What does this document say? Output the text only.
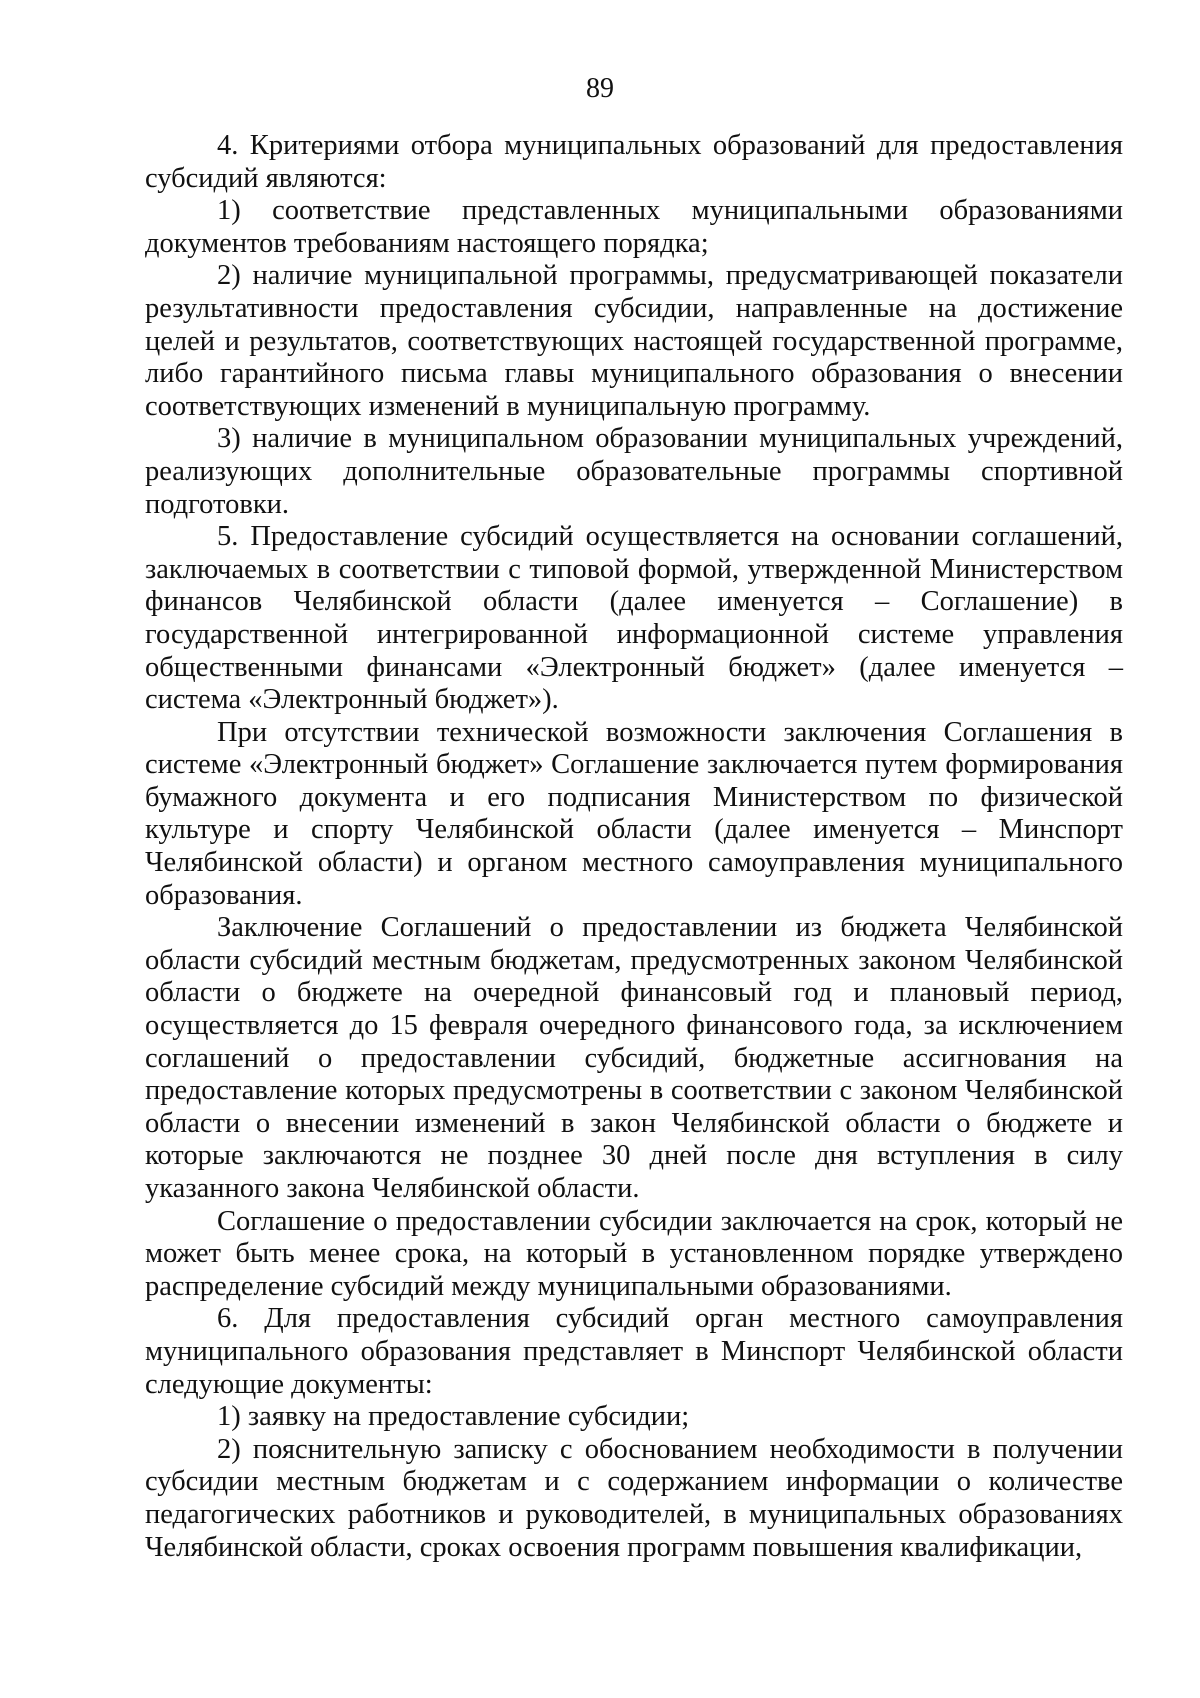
89

4. Критериями отбора муниципальных образований для предоставления субсидий являются:

1) соответствие представленных муниципальными образованиями документов требованиям настоящего порядка;

2) наличие муниципальной программы, предусматривающей показатели результативности предоставления субсидии, направленные на достижение целей и результатов, соответствующих настоящей государственной программе, либо гарантийного письма главы муниципального образования о внесении соответствующих изменений в муниципальную программу.

3) наличие в муниципальном образовании муниципальных учреждений, реализующих дополнительные образовательные программы спортивной подготовки.

5. Предоставление субсидий осуществляется на основании соглашений, заключаемых в соответствии с типовой формой, утвержденной Министерством финансов Челябинской области (далее именуется – Соглашение) в государственной интегрированной информационной системе управления общественными финансами «Электронный бюджет» (далее именуется – система «Электронный бюджет»).

При отсутствии технической возможности заключения Соглашения в системе «Электронный бюджет» Соглашение заключается путем формирования бумажного документа и его подписания Министерством по физической культуре и спорту Челябинской области (далее именуется – Минспорт Челябинской области) и органом местного самоуправления муниципального образования.

Заключение Соглашений о предоставлении из бюджета Челябинской области субсидий местным бюджетам, предусмотренных законом Челябинской области о бюджете на очередной финансовый год и плановый период, осуществляется до 15 февраля очередного финансового года, за исключением соглашений о предоставлении субсидий, бюджетные ассигнования на предоставление которых предусмотрены в соответствии с законом Челябинской области о внесении изменений в закон Челябинской области о бюджете и которые заключаются не позднее 30 дней после дня вступления в силу указанного закона Челябинской области.

Соглашение о предоставлении субсидии заключается на срок, который не может быть менее срока, на который в установленном порядке утверждено распределение субсидий между муниципальными образованиями.

6. Для предоставления субсидий орган местного самоуправления муниципального образования представляет в Минспорт Челябинской области следующие документы:

1) заявку на предоставление субсидии;

2) пояснительную записку с обоснованием необходимости в получении субсидии местным бюджетам и с содержанием информации о количестве педагогических работников и руководителей, в муниципальных образованиях Челябинской области, сроках освоения программ повышения квалификации,
